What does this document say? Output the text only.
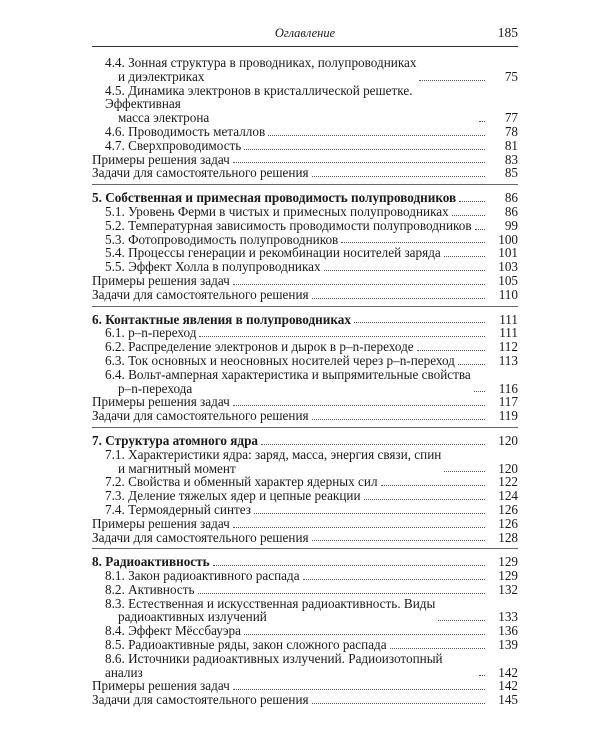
Оглавление	185
4.4. Зонная структура в проводниках, полупроводниках
и диэлектриках	75
4.5. Динамика электронов в кристаллической решетке. Эффективная
масса электрона	77
4.6. Проводимость металлов	78
4.7. Сверхпроводимость	81
Примеры решения задач	83
Задачи для самостоятельного решения	85
5. Собственная и примесная проводимость полупроводников	86
5.1. Уровень Ферми в чистых и примесных полупроводниках	86
5.2. Температурная зависимость проводимости полупроводников	99
5.3. Фотопроводимость полупроводников	100
5.4. Процессы генерации и рекомбинации носителей заряда	101
5.5. Эффект Холла в полупроводниках	103
Примеры решения задач	105
Задачи для самостоятельного решения	110
6. Контактные явления в полупроводниках	111
6.1. p–n-переход	111
6.2. Распределение электронов и дырок в p–n-переходе	112
6.3. Ток основных и неосновных носителей через p–n-переход	113
6.4. Вольт-амперная характеристика и выпрямительные свойства
p–n-перехода	116
Примеры решения задач	117
Задачи для самостоятельного решения	119
7. Структура атомного ядра	120
7.1. Характеристики ядра: заряд, масса, энергия связи, спин
и магнитный момент	120
7.2. Свойства и обменный характер ядерных сил	122
7.3. Деление тяжелых ядер и цепные реакции	124
7.4. Термоядерный синтез	126
Примеры решения задач	126
Задачи для самостоятельного решения	128
8. Радиоактивность	129
8.1. Закон радиоактивного распада	129
8.2. Активность	132
8.3. Естественная и искусственная радиоактивность. Виды
радиоактивных излучений	133
8.4. Эффект Мёссбауэра	136
8.5. Радиоактивные ряды, закон сложного распада	139
8.6. Источники радиоактивных излучений. Радиоизотопный анализ	142
Примеры решения задач	142
Задачи для самостоятельного решения	145
